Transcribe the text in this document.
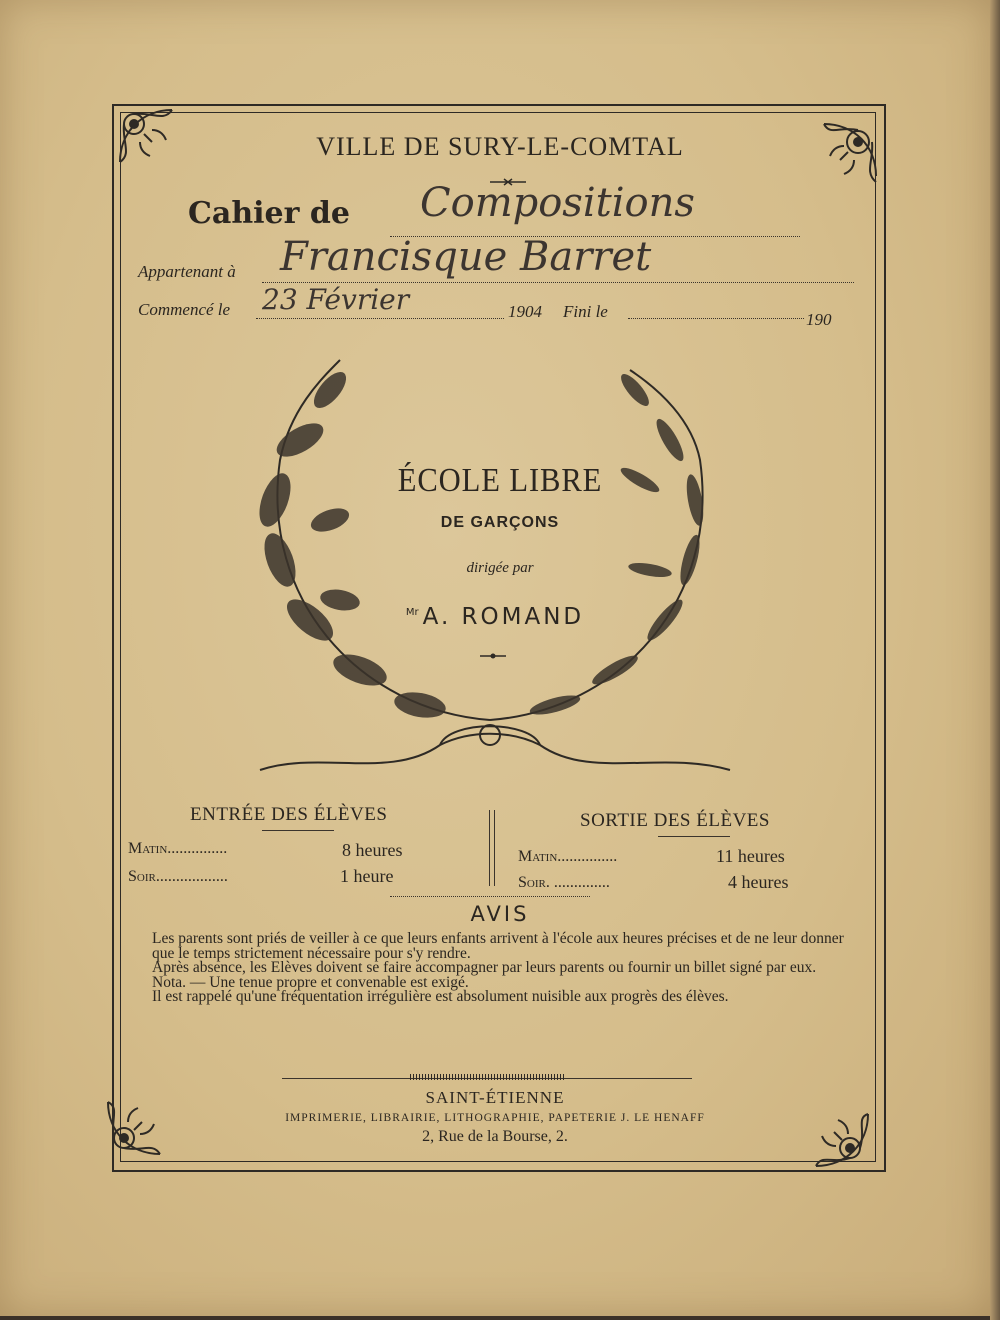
VILLE DE SURY-LE-COMTAL
Cahier de Compositions
Appartenant à Francisque Barret
Commencé le 23 Février	1904 Fini le	190
ÉCOLE LIBRE
DE GARÇONS
dirigée par
$^{Mr}$ A. ROMAND
ENTRÉE DES ÉLÈVES
Matin...............	8 heures
Soir..................	1 heure
SORTIE DES ÉLÈVES
Matin...............	11 heures
Soir. ..............	4 heures
AVIS

Les parents sont priés de veiller à ce que leurs enfants arrivent à l'école aux heures précises et de ne leur donner que le temps strictement nécessaire pour s'y rendre.

Après absence, les Elèves doivent se faire accompagner par leurs parents ou fournir un billet signé par eux.

Nota. — Une tenue propre et convenable est exigé.

Il est rappelé qu'une fréquentation irrégulière est absolument nuisible aux progrès des élèves.

SAINT-ÉTIENNE
IMPRIMERIE, LIBRAIRIE, LITHOGRAPHIE, PAPETERIE J. LE HENAFF
2, Rue de la Bourse, 2.
